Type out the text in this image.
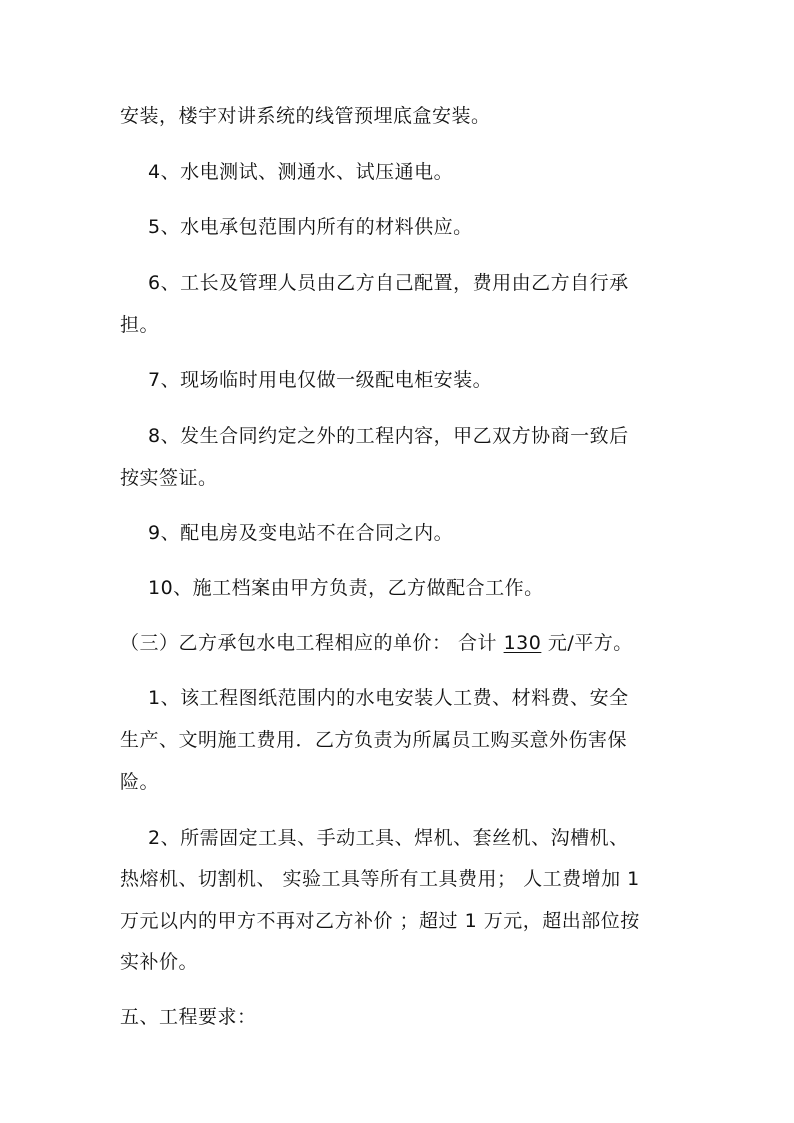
安装，楼宇对讲系统的线管预埋底盒安装。
4、水电测试、测通水、试压通电。
5、水电承包范围内所有的材料供应。
6、工长及管理人员由乙方自己配置，费用由乙方自行承
担。
7、现场临时用电仅做一级配电柜安装。
8、发生合同约定之外的工程内容，甲乙双方协商一致后
按实签证。
9、配电房及变电站不在合同之内。
10、施工档案由甲方负责，乙方做配合工作。
（三）乙方承包水电工程相应的单价： 合计 130 元/平方。
1、该工程图纸范围内的水电安装人工费、材料费、安全
生产、文明施工费用．乙方负责为所属员工购买意外伤害保
险。
2、所需固定工具、手动工具、焊机、套丝机、沟槽机、
热熔机、切割机、 实验工具等所有工具费用； 人工费增加 1
万元以内的甲方不再对乙方补价 ；超过 1 万元，超出部位按
实补价。
五、工程要求：
